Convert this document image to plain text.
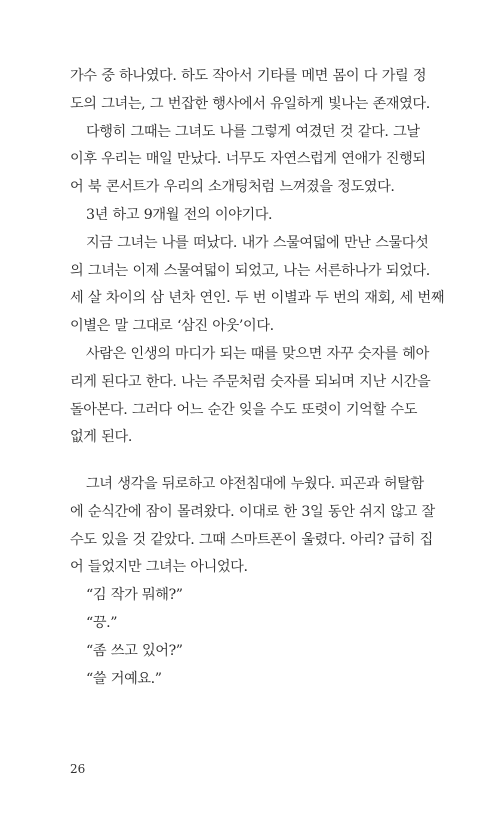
가수 중 하나였다. 하도 작아서 기타를 메면 몸이 다 가릴 정
도의 그녀는, 그 번잡한 행사에서 유일하게 빛나는 존재였다.
다행히 그때는 그녀도 나를 그렇게 여겼던 것 같다. 그날
이후 우리는 매일 만났다. 너무도 자연스럽게 연애가 진행되
어 북 콘서트가 우리의 소개팅처럼 느껴졌을 정도였다.
3년 하고 9개월 전의 이야기다.
지금 그녀는 나를 떠났다. 내가 스물여덟에 만난 스물다섯
의 그녀는 이제 스물여덟이 되었고, 나는 서른하나가 되었다.
세 살 차이의 삼 년차 연인. 두 번 이별과 두 번의 재회, 세 번째
이별은 말 그대로 ‘삼진 아웃’이다.
사람은 인생의 마디가 되는 때를 맞으면 자꾸 숫자를 헤아
리게 된다고 한다. 나는 주문처럼 숫자를 되뇌며 지난 시간을
돌아본다. 그러다 어느 순간 잊을 수도 또렷이 기억할 수도
없게 된다.
그녀 생각을 뒤로하고 야전침대에 누웠다. 피곤과 허탈함
에 순식간에 잠이 몰려왔다. 이대로 한 3일 동안 쉬지 않고 잘
수도 있을 것 같았다. 그때 스마트폰이 울렸다. 아리? 급히 집
어 들었지만 그녀는 아니었다.
“김 작가 뭐해?”
“끙.”
“좀 쓰고 있어?”
“쓸 거예요.”
26
